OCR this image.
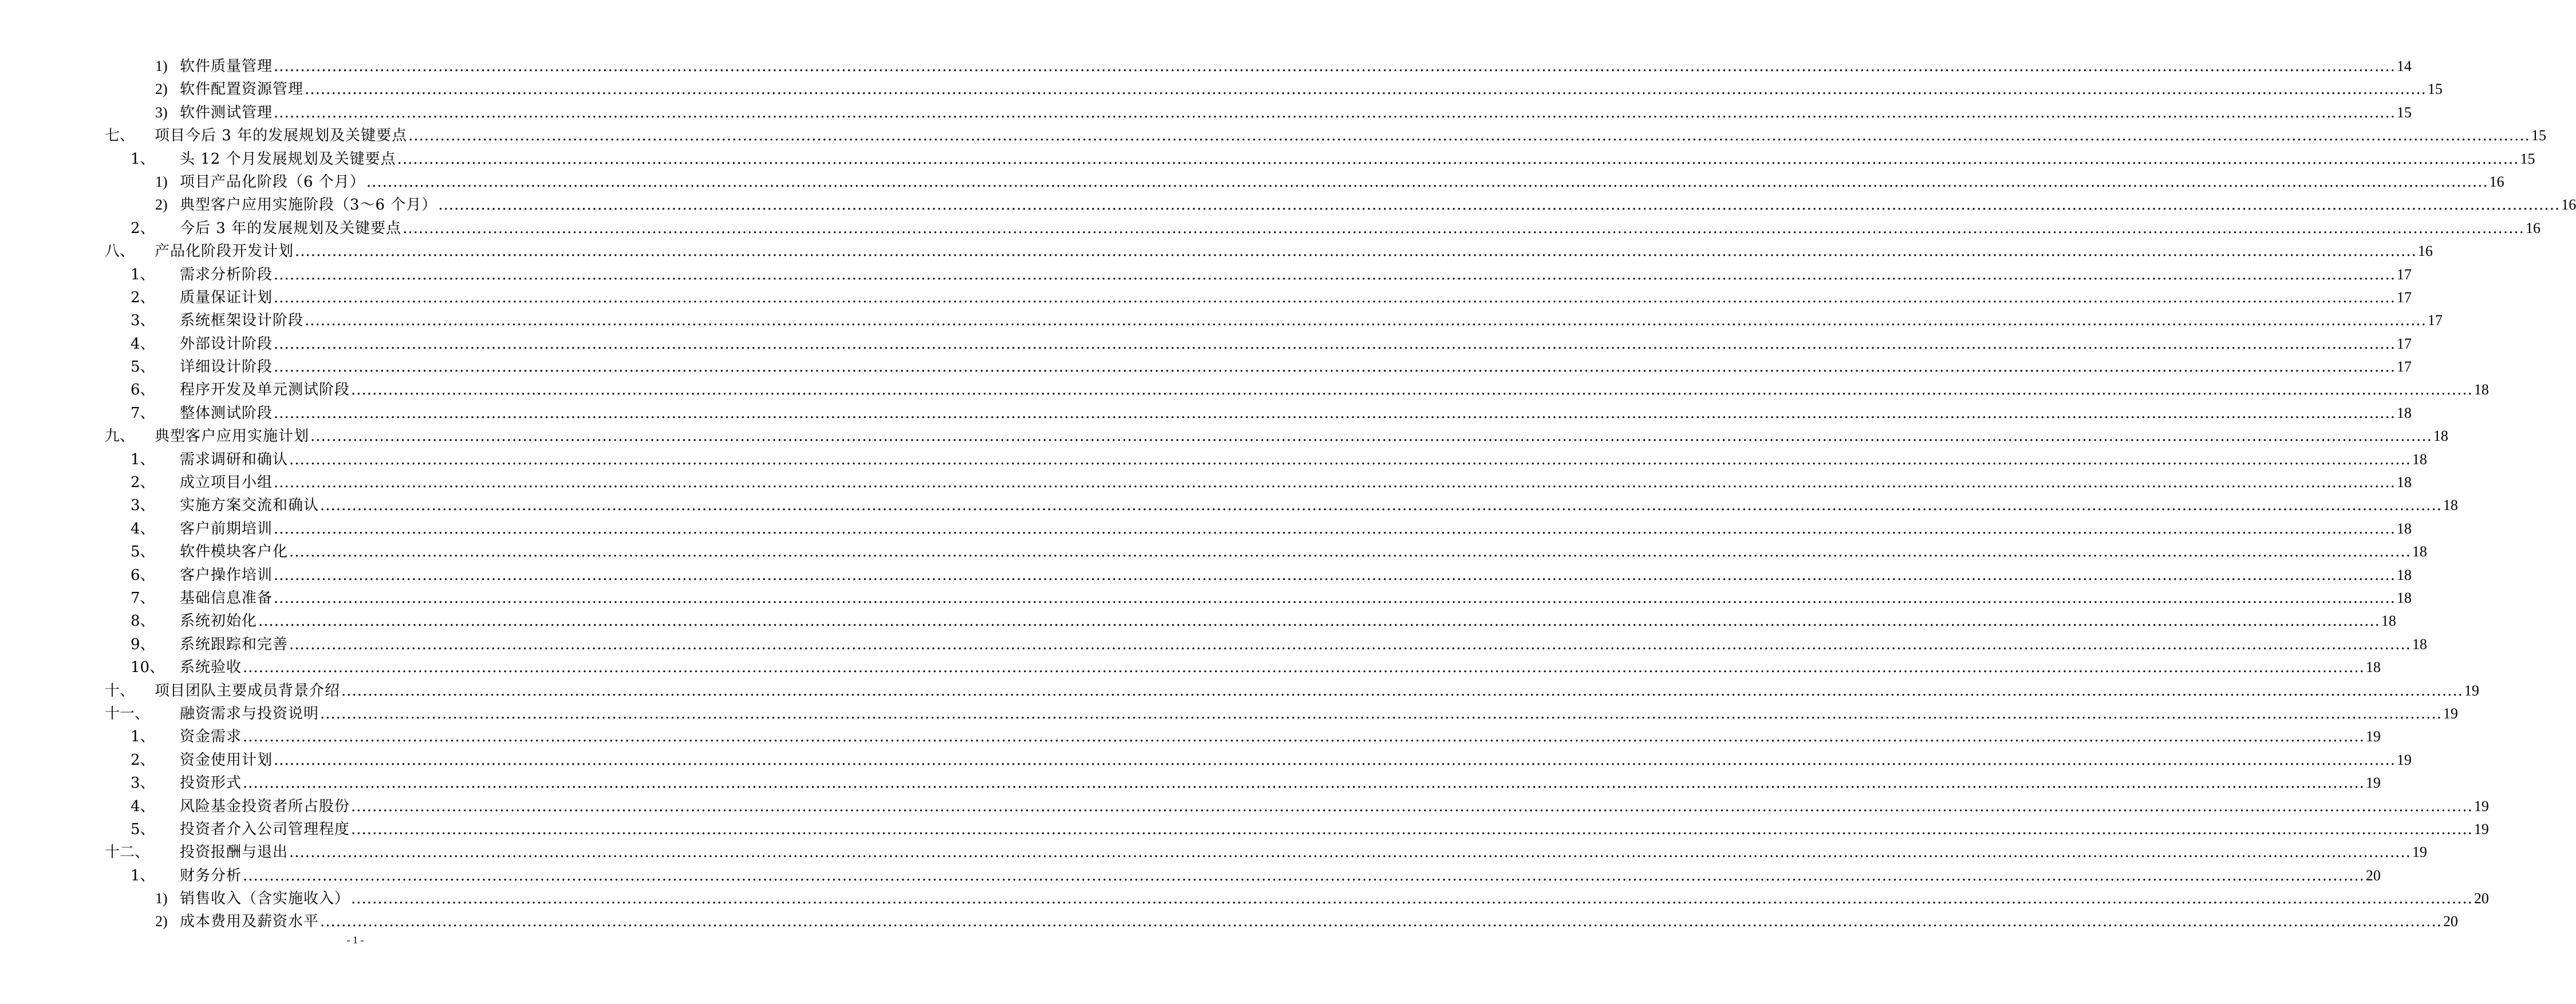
1) 软件质量管理 ................................................................................................................................................................................................................................................................................................................................................................................................................ 14
2) 软件配置资源管理 ................................................................................................................................................................................................................................................................................................................................................................................................................ 15
3) 软件测试管理 ................................................................................................................................................................................................................................................................................................................................................................................................................ 15
七、 项目今后 3 年的发展规划及关键要点 ................................................................................................................................................................................................................................................................................................................................................................................................................ 15
1、 头 12 个月发展规划及关键要点 ................................................................................................................................................................................................................................................................................................................................................................................................................ 15
1) 项目产品化阶段（6 个月） ................................................................................................................................................................................................................................................................................................................................................................................................................ 16
2) 典型客户应用实施阶段（3～6 个月） ................................................................................................................................................................................................................................................................................................................................................................................................................ 16
2、 今后 3 年的发展规划及关键要点 ................................................................................................................................................................................................................................................................................................................................................................................................................ 16
八、 产品化阶段开发计划 ................................................................................................................................................................................................................................................................................................................................................................................................................ 16
1、 需求分析阶段 ................................................................................................................................................................................................................................................................................................................................................................................................................ 17
2、 质量保证计划 ................................................................................................................................................................................................................................................................................................................................................................................................................ 17
3、 系统框架设计阶段 ................................................................................................................................................................................................................................................................................................................................................................................................................ 17
4、 外部设计阶段 ................................................................................................................................................................................................................................................................................................................................................................................................................ 17
5、 详细设计阶段 ................................................................................................................................................................................................................................................................................................................................................................................................................ 17
6、 程序开发及单元测试阶段 ................................................................................................................................................................................................................................................................................................................................................................................................................ 18
7、 整体测试阶段 ................................................................................................................................................................................................................................................................................................................................................................................................................ 18
九、 典型客户应用实施计划 ................................................................................................................................................................................................................................................................................................................................................................................................................ 18
1、 需求调研和确认 ................................................................................................................................................................................................................................................................................................................................................................................................................ 18
2、 成立项目小组 ................................................................................................................................................................................................................................................................................................................................................................................................................ 18
3、 实施方案交流和确认 ................................................................................................................................................................................................................................................................................................................................................................................................................ 18
4、 客户前期培训 ................................................................................................................................................................................................................................................................................................................................................................................................................ 18
5、 软件模块客户化 ................................................................................................................................................................................................................................................................................................................................................................................................................ 18
6、 客户操作培训 ................................................................................................................................................................................................................................................................................................................................................................................................................ 18
7、 基础信息准备 ................................................................................................................................................................................................................................................................................................................................................................................................................ 18
8、 系统初始化 ................................................................................................................................................................................................................................................................................................................................................................................................................ 18
9、 系统跟踪和完善 ................................................................................................................................................................................................................................................................................................................................................................................................................ 18
10、 系统验收 ................................................................................................................................................................................................................................................................................................................................................................................................................ 18
十、 项目团队主要成员背景介绍 ................................................................................................................................................................................................................................................................................................................................................................................................................ 19
十一、 融资需求与投资说明 ................................................................................................................................................................................................................................................................................................................................................................................................................ 19
1、 资金需求 ................................................................................................................................................................................................................................................................................................................................................................................................................ 19
2、 资金使用计划 ................................................................................................................................................................................................................................................................................................................................................................................................................ 19
3、 投资形式 ................................................................................................................................................................................................................................................................................................................................................................................................................ 19
4、 风险基金投资者所占股份 ................................................................................................................................................................................................................................................................................................................................................................................................................ 19
5、 投资者介入公司管理程度 ................................................................................................................................................................................................................................................................................................................................................................................................................ 19
十二、 投资报酬与退出 ................................................................................................................................................................................................................................................................................................................................................................................................................ 19
1、 财务分析 ................................................................................................................................................................................................................................................................................................................................................................................................................ 20
1) 销售收入（含实施收入） ................................................................................................................................................................................................................................................................................................................................................................................................................ 20
2) 成本费用及薪资水平 ................................................................................................................................................................................................................................................................................................................................................................................................................ 20
- 1 -
